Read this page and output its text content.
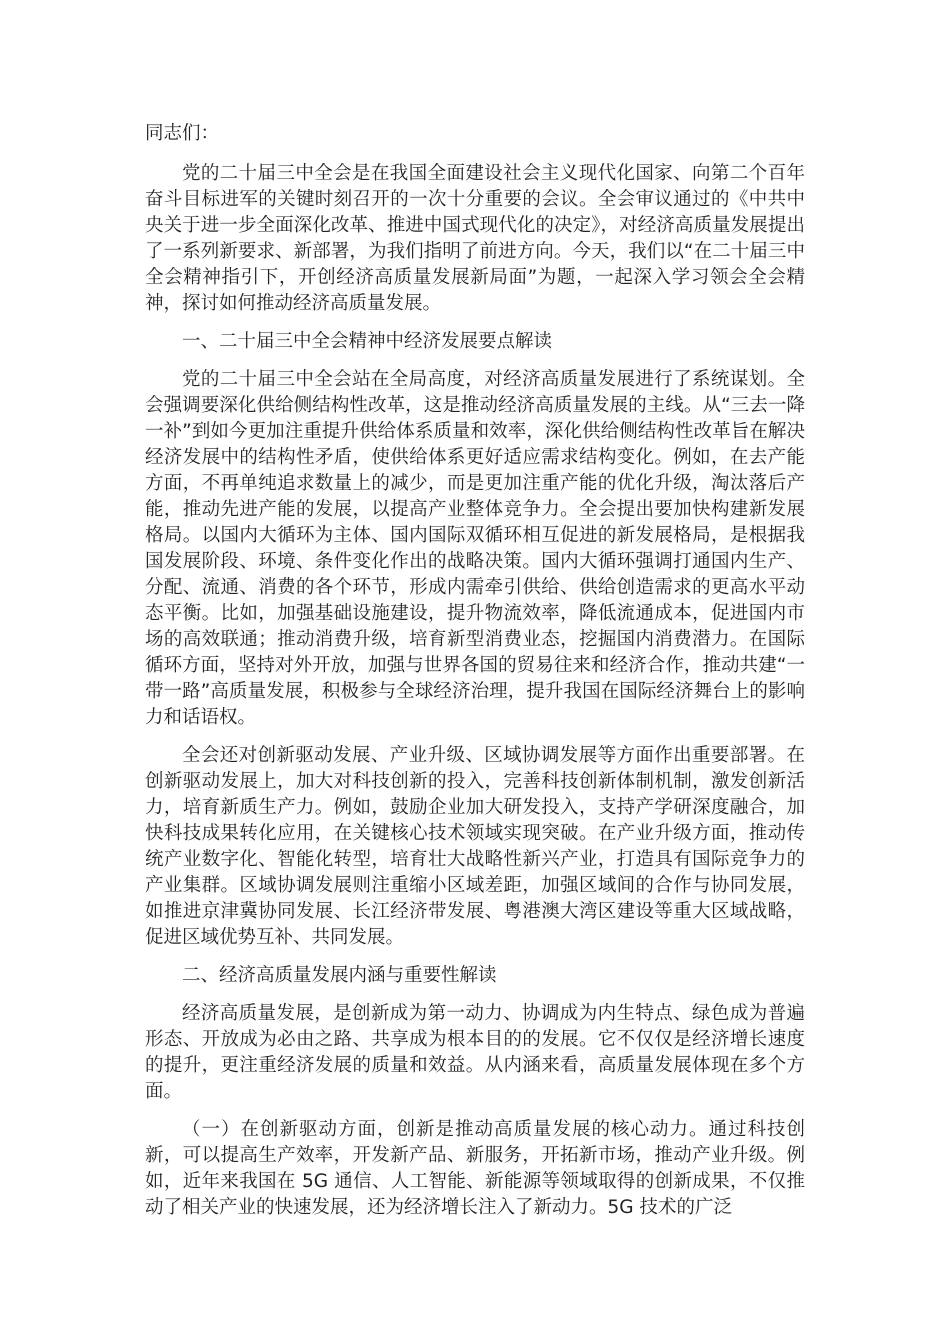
同志们：

党的二十届三中全会是在我国全面建设社会主义现代化国家、向第二个百年奋斗目标进军的关键时刻召开的一次十分重要的会议。全会审议通过的《中共中央关于进一步全面深化改革、推进中国式现代化的决定》，对经济高质量发展提出了一系列新要求、新部署，为我们指明了前进方向。今天，我们以“在二十届三中全会精神指引下，开创经济高质量发展新局面”为题，一起深入学习领会全会精神，探讨如何推动经济高质量发展。

一、二十届三中全会精神中经济发展要点解读

党的二十届三中全会站在全局高度，对经济高质量发展进行了系统谋划。全会强调要深化供给侧结构性改革，这是推动经济高质量发展的主线。从“三去一降一补”到如今更加注重提升供给体系质量和效率，深化供给侧结构性改革旨在解决经济发展中的结构性矛盾，使供给体系更好适应需求结构变化。例如，在去产能方面，不再单纯追求数量上的减少，而是更加注重产能的优化升级，淘汰落后产能，推动先进产能的发展，以提高产业整体竞争力。全会提出要加快构建新发展格局。以国内大循环为主体、国内国际双循环相互促进的新发展格局，是根据我国发展阶段、环境、条件变化作出的战略决策。国内大循环强调打通国内生产、分配、流通、消费的各个环节，形成内需牵引供给、供给创造需求的更高水平动态平衡。比如，加强基础设施建设，提升物流效率，降低流通成本，促进国内市场的高效联通；推动消费升级，培育新型消费业态，挖掘国内消费潜力。在国际循环方面，坚持对外开放，加强与世界各国的贸易往来和经济合作，推动共建“一带一路”高质量发展，积极参与全球经济治理，提升我国在国际经济舞台上的影响力和话语权。

全会还对创新驱动发展、产业升级、区域协调发展等方面作出重要部署。在创新驱动发展上，加大对科技创新的投入，完善科技创新体制机制，激发创新活力，培育新质生产力。例如，鼓励企业加大研发投入，支持产学研深度融合，加快科技成果转化应用，在关键核心技术领域实现突破。在产业升级方面，推动传统产业数字化、智能化转型，培育壮大战略性新兴产业，打造具有国际竞争力的产业集群。区域协调发展则注重缩小区域差距，加强区域间的合作与协同发展，如推进京津冀协同发展、长江经济带发展、粤港澳大湾区建设等重大区域战略，促进区域优势互补、共同发展。

二、经济高质量发展内涵与重要性解读

经济高质量发展，是创新成为第一动力、协调成为内生特点、绿色成为普遍形态、开放成为必由之路、共享成为根本目的的发展。它不仅仅是经济增长速度的提升，更注重经济发展的质量和效益。从内涵来看，高质量发展体现在多个方面。

（一）在创新驱动方面，创新是推动高质量发展的核心动力。通过科技创新，可以提高生产效率，开发新产品、新服务，开拓新市场，推动产业升级。例如，近年来我国在 5G 通信、人工智能、新能源等领域取得的创新成果，不仅推动了相关产业的快速发展，还为经济增长注入了新动力。5G 技术的广泛
